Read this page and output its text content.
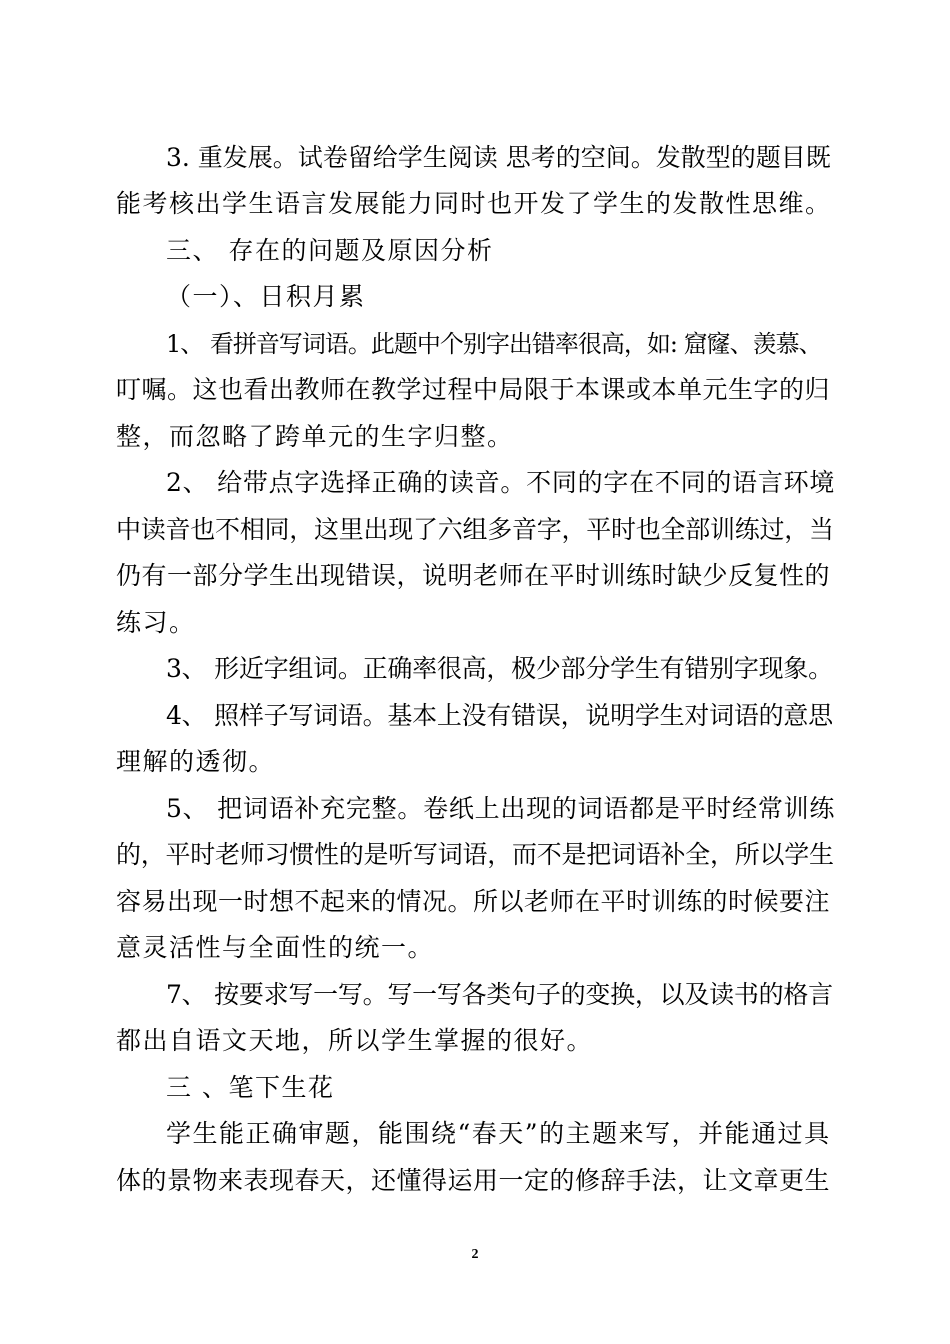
3. 重发展。试卷留给学生阅读 思考的空间。发散型的题目既
能考核出学生语言发展能力同时也开发了学生的发散性思维。
三、 存在的问题及原因分析
（一）、日积月累
1、 看拼音写词语。此题中个别字出错率很高，如: 窟窿、羡慕、
叮嘱。这也看出教师在教学过程中局限于本课或本单元生字的归
整，而忽略了跨单元的生字归整。
2、 给带点字选择正确的读音。不同的字在不同的语言环境
中读音也不相同，这里出现了六组多音字，平时也全部训练过，当
仍有一部分学生出现错误，说明老师在平时训练时缺少反复性的
练习。
3、 形近字组词。正确率很高，极少部分学生有错别字现象。
4、 照样子写词语。基本上没有错误，说明学生对词语的意思
理解的透彻。
5、 把词语补充完整。卷纸上出现的词语都是平时经常训练
的，平时老师习惯性的是听写词语，而不是把词语补全，所以学生
容易出现一时想不起来的情况。所以老师在平时训练的时候要注
意灵活性与全面性的统一。
7、 按要求写一写。写一写各类句子的变换，以及读书的格言
都出自语文天地，所以学生掌握的很好。
三 、笔下生花
学生能正确审题，能围绕“春天”的主题来写，并能通过具
体的景物来表现春天，还懂得运用一定的修辞手法，让文章更生
2
